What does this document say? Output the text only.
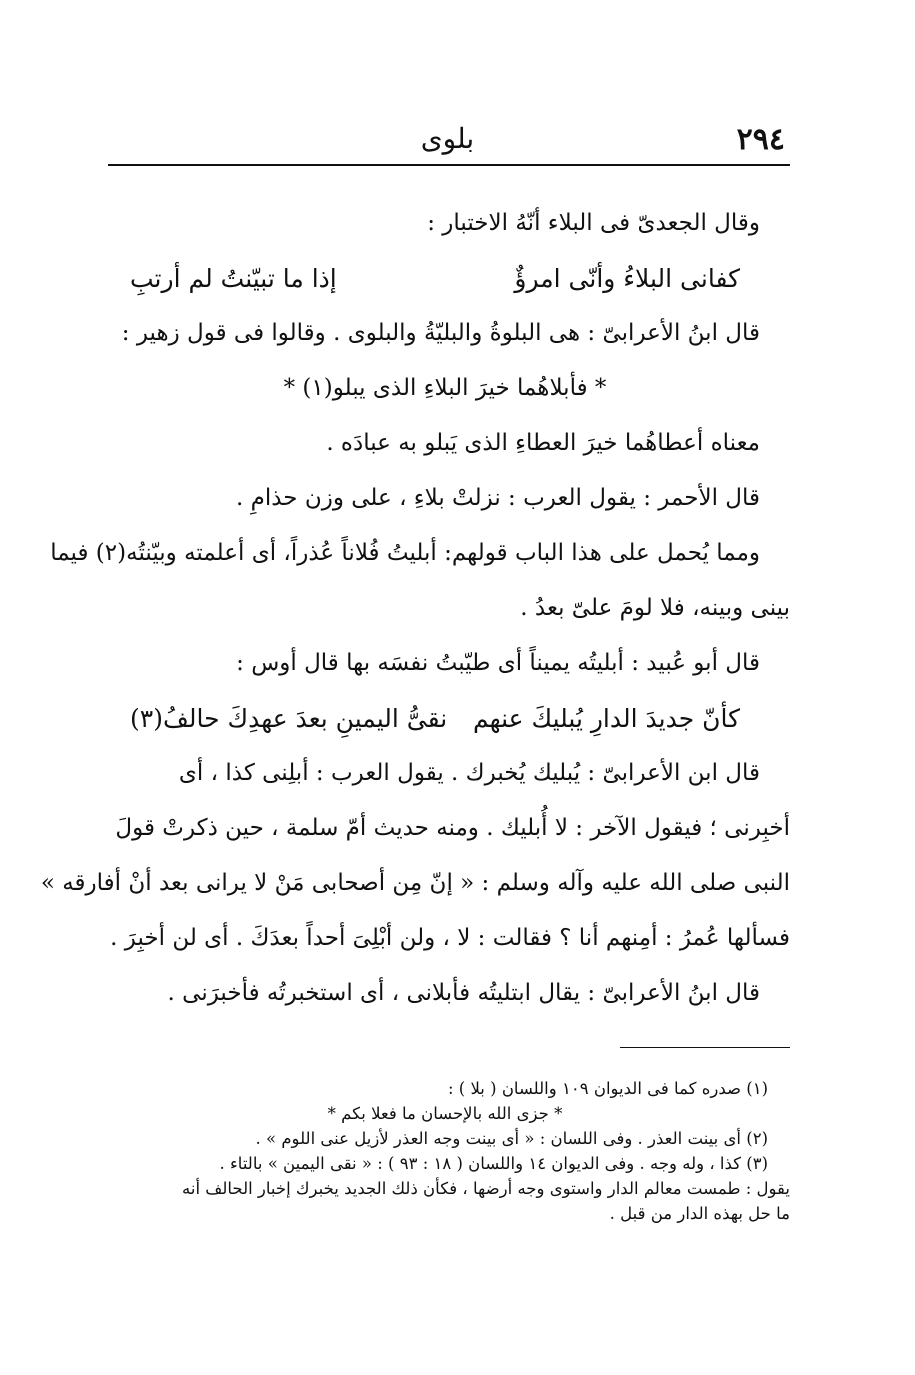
٢٩٤
بلوى
وقال الجعدىّ فى البلاء أنّهُ الاختبار :
كفانى البلاءُ وأنّى امرؤٌ
إذا ما تبيّنتُ لم أرتبِ
قال ابنُ الأعرابىّ : هى البلوةُ والبليّةُ والبلوى . وقالوا فى قول زهير :
* فأبلاهُما خيرَ البلاءِ الذى يبلو(١) *
معناه أعطاهُما خيرَ العطاءِ الذى يَبلو به عبادَه .
قال الأحمر : يقول العرب : نزلتْ بلاءِ ، على وزن حذامِ .
ومما يُحمل على هذا الباب قولهم: أبليتُ فُلاناً عُذراً، أى أعلمته وبيّنتُه(٢) فيما
بينى وبينه، فلا لومَ علىّ بعدُ .
قال أبو عُبيد : أبليتُه يميناً أى طيّبتُ نفسَه بها قال أوس :
كأنّ جديدَ الدارِ يُبليكَ عنهم
نقىُّ اليمينِ بعدَ عهدِكَ حالفُ(٣)
قال ابن الأعرابىّ : يُبليك يُخبرك . يقول العرب : أبلِنى كذا ، أى
أخبِرنى ؛ فيقول الآخر : لا أُبليك . ومنه حديث أمّ سلمة ، حين ذكرتْ قولَ
النبى صلى الله عليه وآله وسلم : « إنّ مِن أصحابى مَنْ لا يرانى بعد أنْ أفارقه »
فسألها عُمرُ : أمِنهم أنا ؟ فقالت : لا ، ولن أبْلِىَ أحداً بعدَكَ . أى لن أخبِرَ .
قال ابنُ الأعرابىّ : يقال ابتليتُه فأبلانى ، أى استخبرتُه فأخبرَنى .
(١) صدره كما فى الديوان ١٠٩ واللسان ( بلا ) :
* جزى الله بالإحسان ما فعلا بكم *
(٢) أى بينت العذر . وفى اللسان : « أى بينت وجه العذر لأزيل عنى اللوم » .
(٣) كذا ، وله وجه . وفى الديوان ١٤ واللسان ( ١٨ : ٩٣ ) : « نقى اليمين » بالتاء .
يقول : طمست معالم الدار واستوى وجه أرضها ، فكأن ذلك الجديد يخبرك إخبار الحالف أنه
ما حل بهذه الدار من قبل .
